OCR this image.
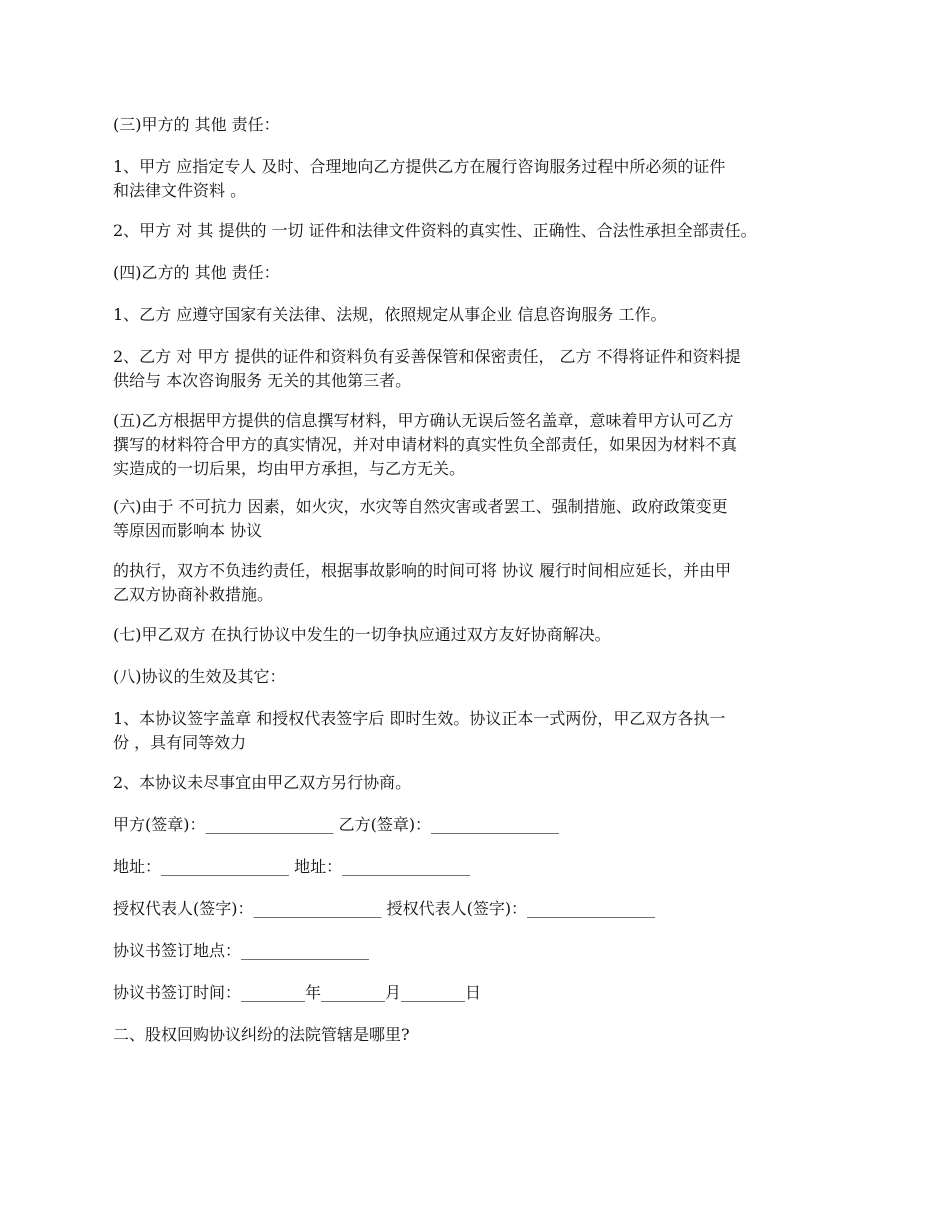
(三)甲方的 其他 责任：

1、甲方 应指定专人 及时、合理地向乙方提供乙方在履行咨询服务过程中所必须的证件
和法律文件资料 。

2、甲方 对 其 提供的 一切 证件和法律文件资料的真实性、正确性、合法性承担全部责任。

(四)乙方的 其他 责任：

1、乙方 应遵守国家有关法律、法规，依照规定从事企业 信息咨询服务 工作。

2、乙方 对 甲方 提供的证件和资料负有妥善保管和保密责任， 乙方 不得将证件和资料提
供给与 本次咨询服务 无关的其他第三者。

(五)乙方根据甲方提供的信息撰写材料，甲方确认无误后签名盖章，意味着甲方认可乙方
撰写的材料符合甲方的真实情况，并对申请材料的真实性负全部责任，如果因为材料不真
实造成的一切后果，均由甲方承担，与乙方无关。

(六)由于 不可抗力 因素，如火灾，水灾等自然灾害或者罢工、强制措施、政府政策变更
等原因而影响本 协议

的执行，双方不负违约责任，根据事故影响的时间可将 协议 履行时间相应延长，并由甲
乙双方协商补救措施。

(七)甲乙双方 在执行协议中发生的一切争执应通过双方友好协商解决。

(八)协议的生效及其它：

1、本协议签字盖章 和授权代表签字后 即时生效。协议正本一式两份，甲乙双方各执一
份 ，具有同等效力

2、本协议未尽事宜由甲乙双方另行协商。

甲方(签章)：________________ 乙方(签章)：________________

地址：________________ 地址：________________

授权代表人(签字)：________________ 授权代表人(签字)：________________

协议书签订地点：________________

协议书签订时间：________年________月________日

二、股权回购协议纠纷的法院管辖是哪里?
